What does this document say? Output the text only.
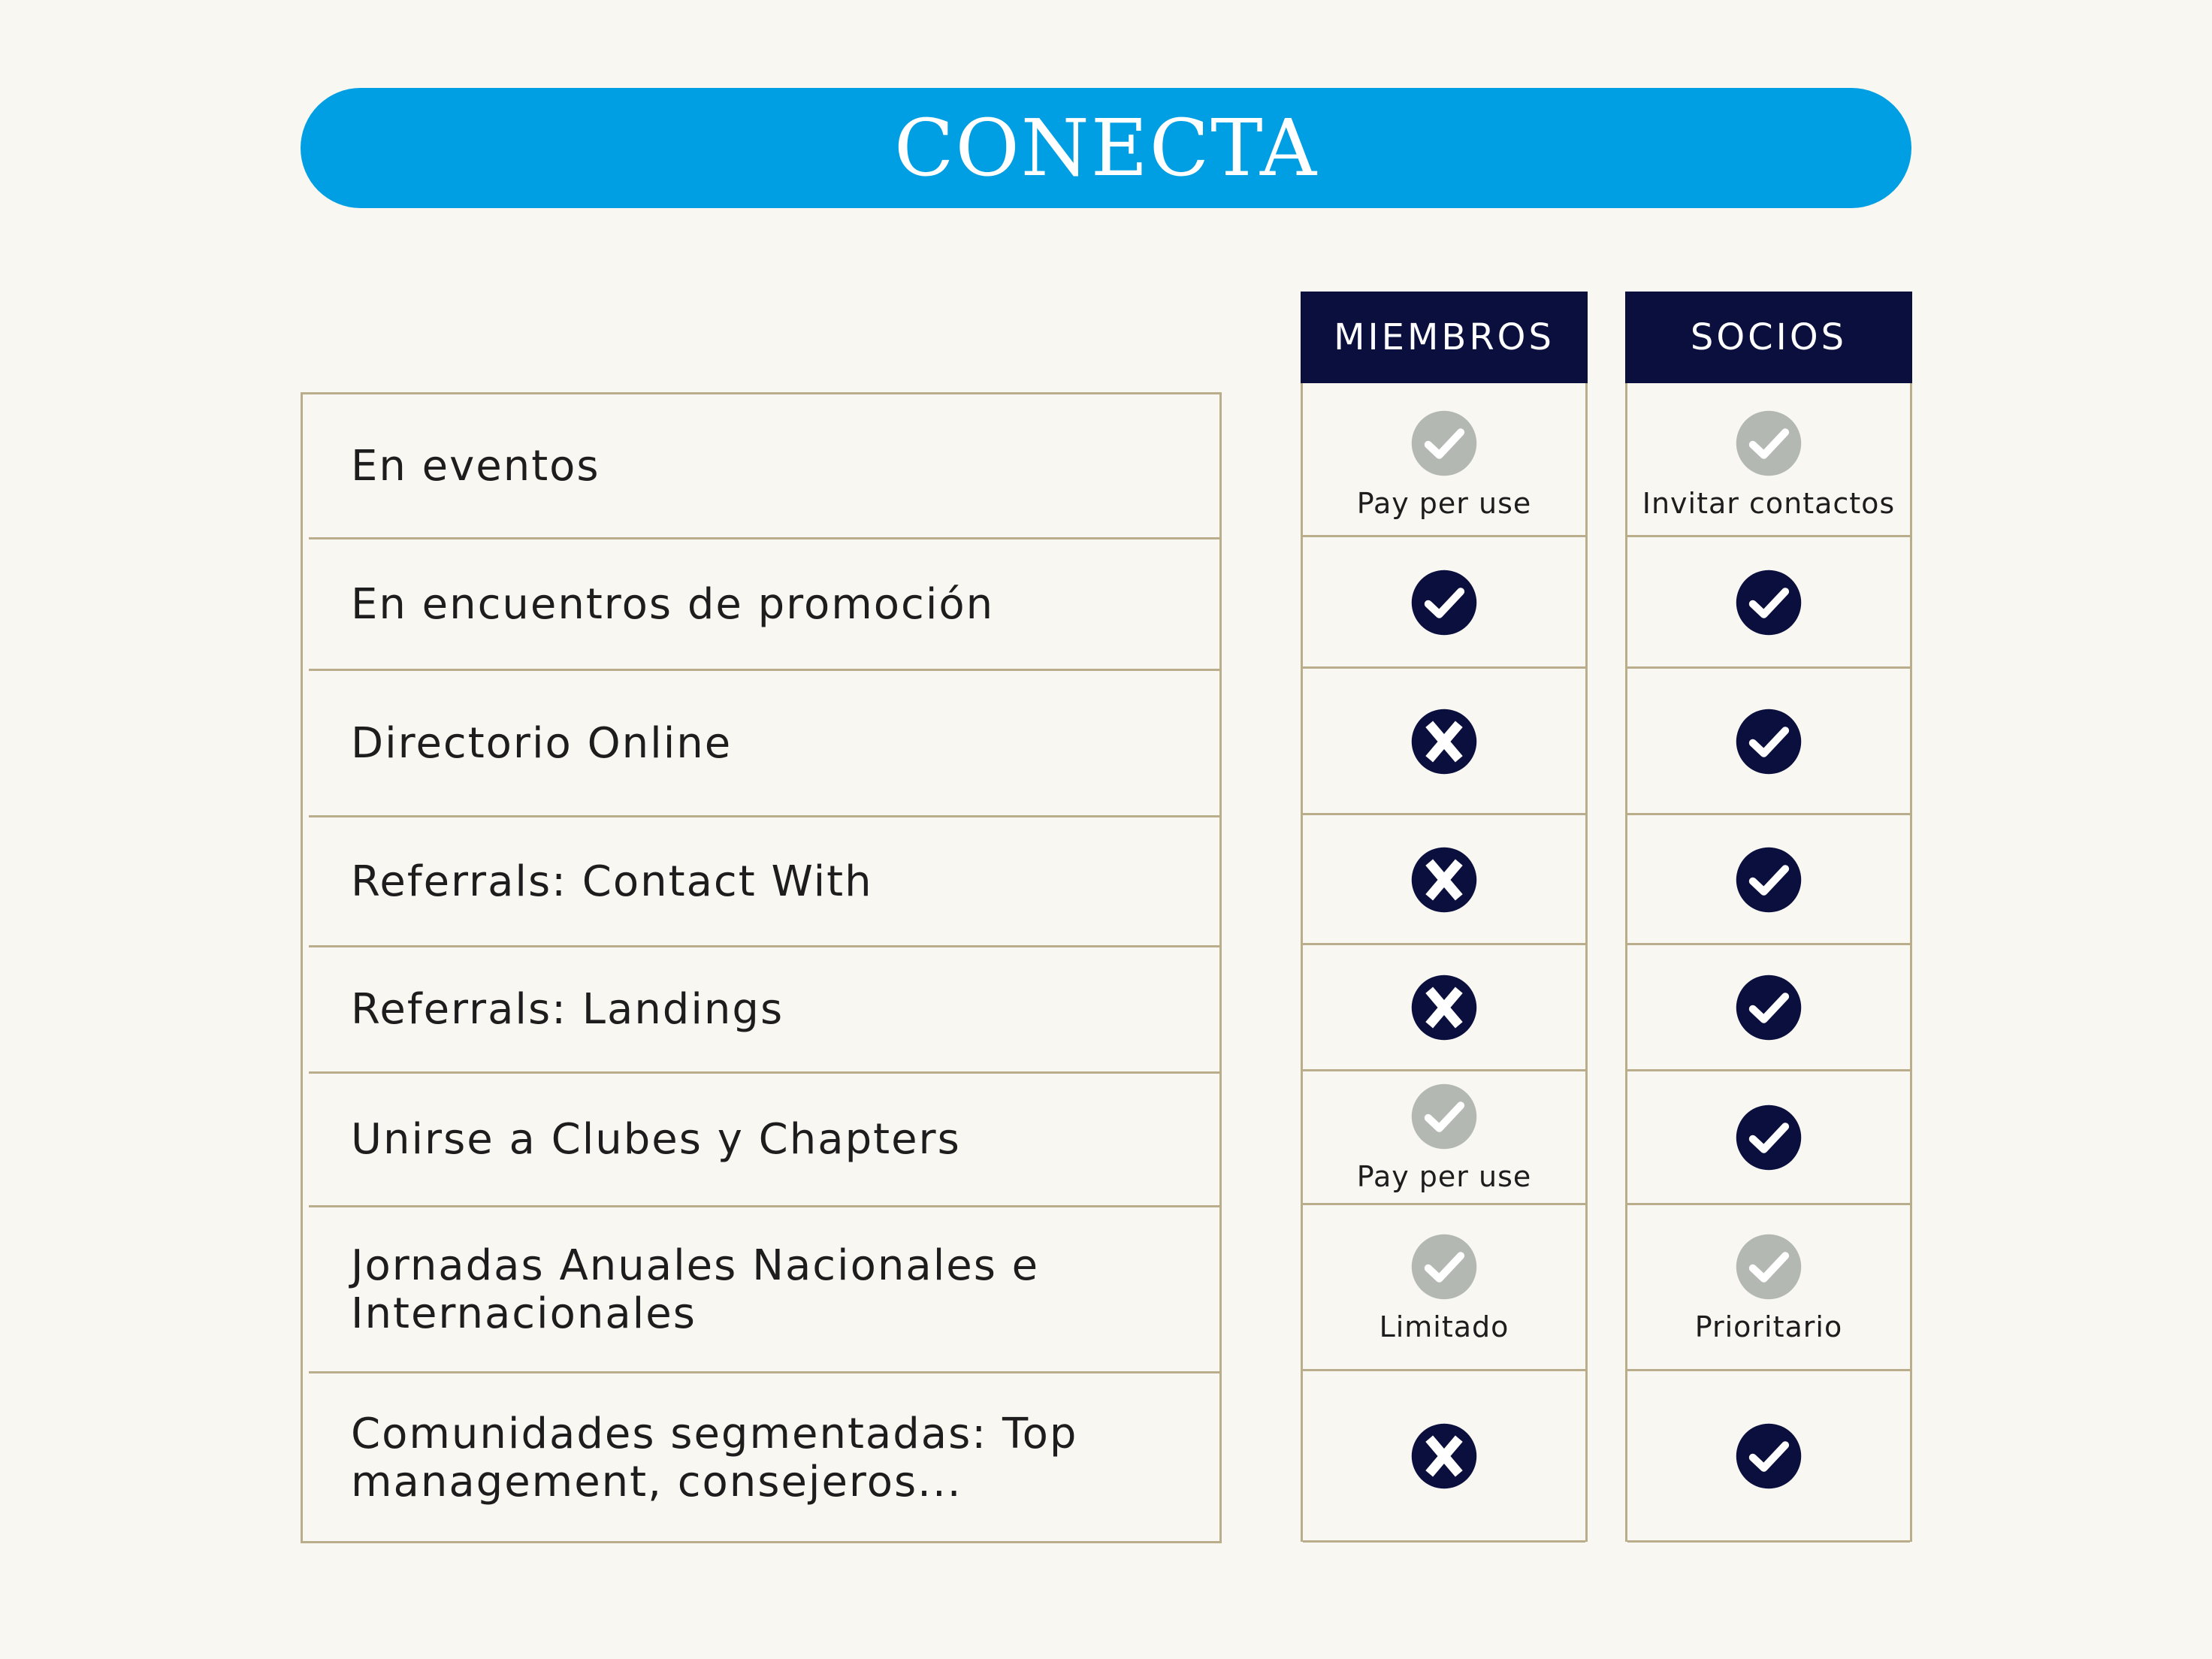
CONECTA
En eventos
En encuentros de promoción
Directorio Online
Referrals: Contact With
Referrals: Landings
Unirse a Clubes y Chapters
Jornadas Anuales Nacionales e Internacionales
Comunidades segmentadas: Top management, consejeros...
MIEMBROS
Pay per use
Pay per use
Limitado
SOCIOS
Invitar contactos
Prioritario
